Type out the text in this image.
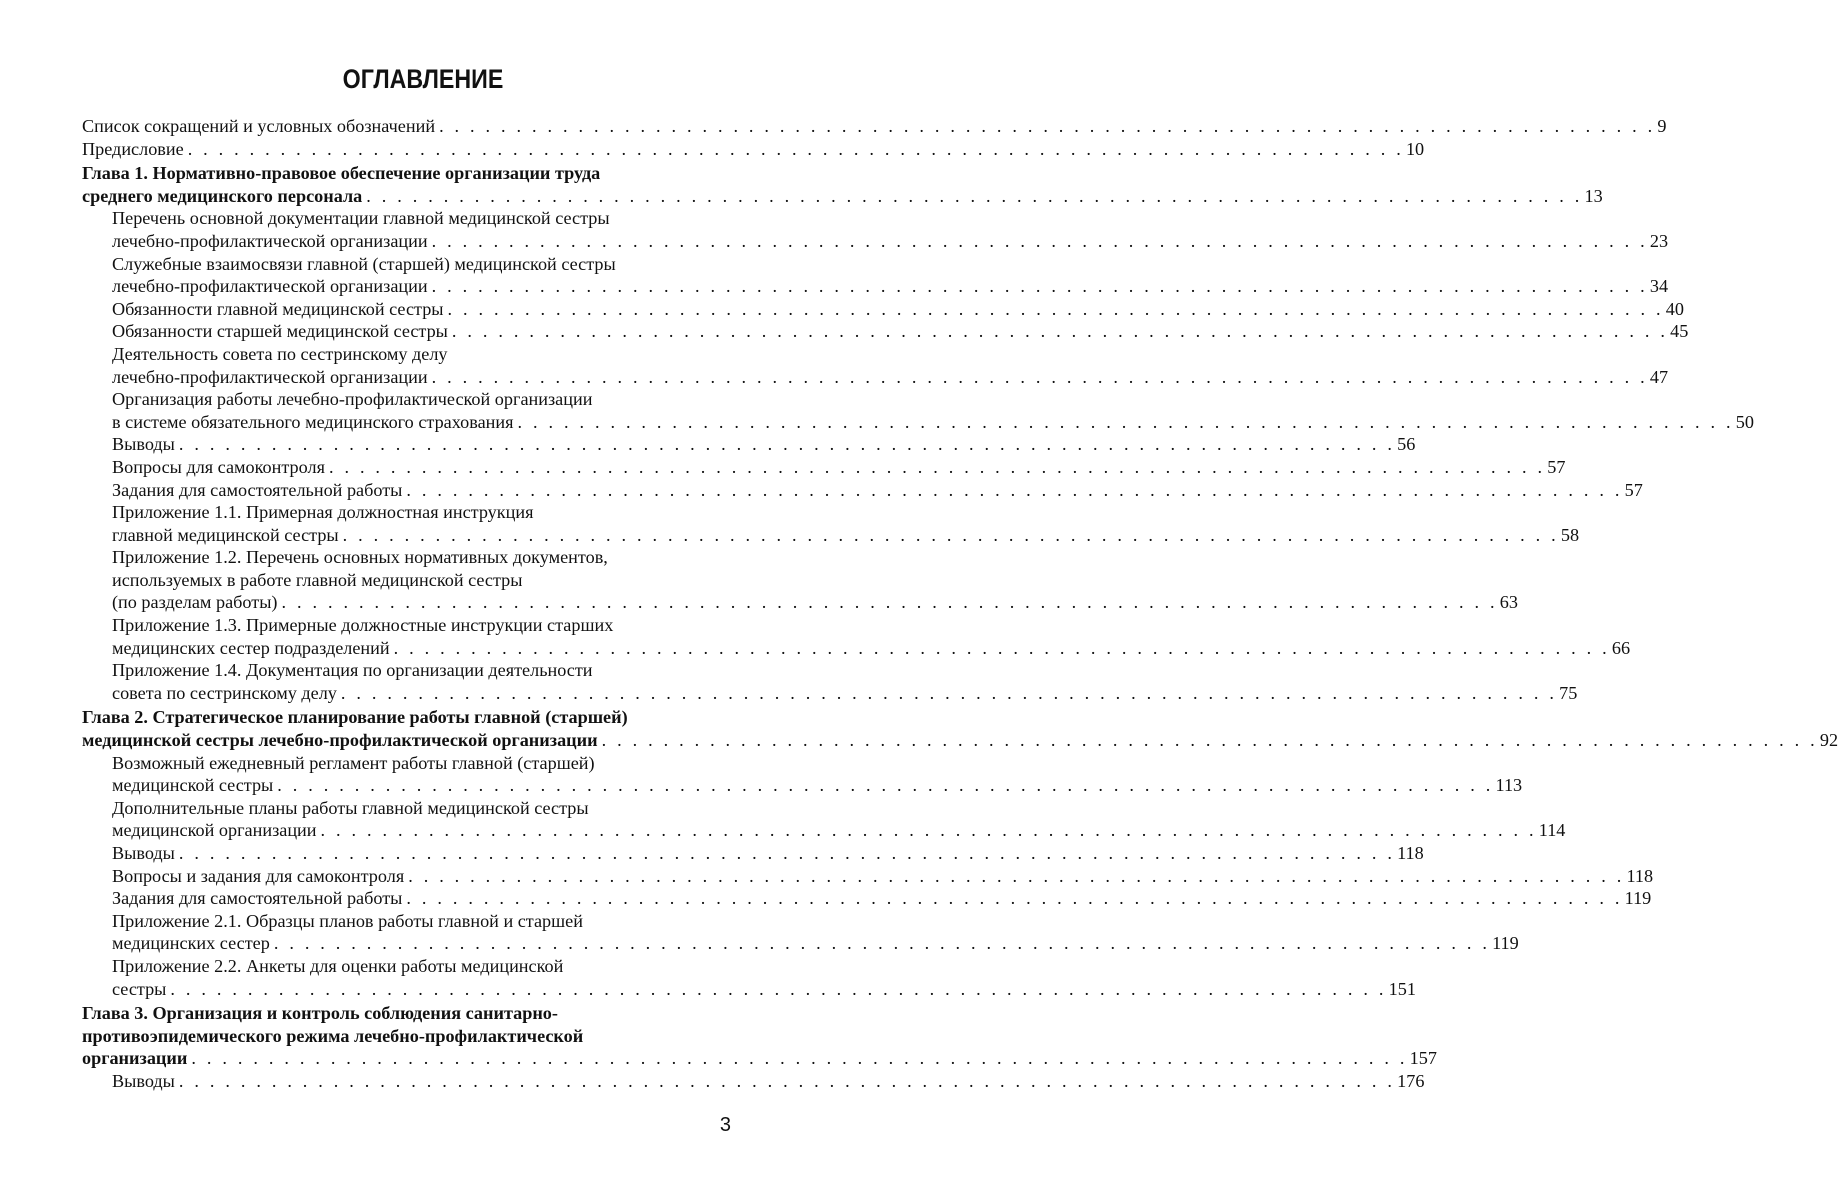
ОГЛАВЛЕНИЕ
Список сокращений и условных обозначений . . . . . . . . . . . . . . . . . . . . . . . . . . . . . . . . . . . . . . . . . . . . . . . . . . . . . . . . . . . . . . . . . . . . . . . . . . . . . . . 9
Предисловие . . . . . . . . . . . . . . . . . . . . . . . . . . . . . . . . . . . . . . . . . . . . . . . . . . . . . . . . . . . . . . . . . . . . . . . . . . . . . . . 10
Глава 1. Нормативно-правовое обеспечение организации труда
среднего медицинского персонала . . . . . . . . . . . . . . . . . . . . . . . . . . . . . . . . . . . . . . . . . . . . . . . . . . . . . . . . . . . . . . . . . . . . . . . . . . . . . . . 13
Перечень основной документации главной медицинской сестры
лечебно-профилактической организации . . . . . . . . . . . . . . . . . . . . . . . . . . . . . . . . . . . . . . . . . . . . . . . . . . . . . . . . . . . . . . . . . . . . . . . . . . . . . . . 23
Служебные взаимосвязи главной (старшей) медицинской сестры
лечебно-профилактической организации . . . . . . . . . . . . . . . . . . . . . . . . . . . . . . . . . . . . . . . . . . . . . . . . . . . . . . . . . . . . . . . . . . . . . . . . . . . . . . . 34
Обязанности главной медицинской сестры . . . . . . . . . . . . . . . . . . . . . . . . . . . . . . . . . . . . . . . . . . . . . . . . . . . . . . . . . . . . . . . . . . . . . . . . . . . . . . . 40
Обязанности старшей медицинской сестры . . . . . . . . . . . . . . . . . . . . . . . . . . . . . . . . . . . . . . . . . . . . . . . . . . . . . . . . . . . . . . . . . . . . . . . . . . . . . . . 45
Деятельность совета по сестринскому делу
лечебно-профилактической организации . . . . . . . . . . . . . . . . . . . . . . . . . . . . . . . . . . . . . . . . . . . . . . . . . . . . . . . . . . . . . . . . . . . . . . . . . . . . . . . 47
Организация работы лечебно-профилактической организации
в системе обязательного медицинского страхования . . . . . . . . . . . . . . . . . . . . . . . . . . . . . . . . . . . . . . . . . . . . . . . . . . . . . . . . . . . . . . . . . . . . . . . . . . . . . . . 50
Выводы . . . . . . . . . . . . . . . . . . . . . . . . . . . . . . . . . . . . . . . . . . . . . . . . . . . . . . . . . . . . . . . . . . . . . . . . . . . . . . . 56
Вопросы для самоконтроля . . . . . . . . . . . . . . . . . . . . . . . . . . . . . . . . . . . . . . . . . . . . . . . . . . . . . . . . . . . . . . . . . . . . . . . . . . . . . . . 57
Задания для самостоятельной работы . . . . . . . . . . . . . . . . . . . . . . . . . . . . . . . . . . . . . . . . . . . . . . . . . . . . . . . . . . . . . . . . . . . . . . . . . . . . . . . 57
Приложение 1.1. Примерная должностная инструкция
главной медицинской сестры . . . . . . . . . . . . . . . . . . . . . . . . . . . . . . . . . . . . . . . . . . . . . . . . . . . . . . . . . . . . . . . . . . . . . . . . . . . . . . . 58
Приложение 1.2. Перечень основных нормативных документов,
используемых в работе главной медицинской сестры
(по разделам работы) . . . . . . . . . . . . . . . . . . . . . . . . . . . . . . . . . . . . . . . . . . . . . . . . . . . . . . . . . . . . . . . . . . . . . . . . . . . . . . . 63
Приложение 1.3. Примерные должностные инструкции старших
медицинских сестер подразделений . . . . . . . . . . . . . . . . . . . . . . . . . . . . . . . . . . . . . . . . . . . . . . . . . . . . . . . . . . . . . . . . . . . . . . . . . . . . . . . 66
Приложение 1.4. Документация по организации деятельности
совета по сестринскому делу . . . . . . . . . . . . . . . . . . . . . . . . . . . . . . . . . . . . . . . . . . . . . . . . . . . . . . . . . . . . . . . . . . . . . . . . . . . . . . . 75
Глава 2. Стратегическое планирование работы главной (старшей)
медицинской сестры лечебно-профилактической организации . . . . . . . . . . . . . . . . . . . . . . . . . . . . . . . . . . . . . . . . . . . . . . . . . . . . . . . . . . . . . . . . . . . . . . . . . . . . . . . 92
Возможный ежедневный регламент работы главной (старшей)
медицинской сестры . . . . . . . . . . . . . . . . . . . . . . . . . . . . . . . . . . . . . . . . . . . . . . . . . . . . . . . . . . . . . . . . . . . . . . . . . . . . . . . 113
Дополнительные планы работы главной медицинской сестры
медицинской организации . . . . . . . . . . . . . . . . . . . . . . . . . . . . . . . . . . . . . . . . . . . . . . . . . . . . . . . . . . . . . . . . . . . . . . . . . . . . . . . 114
Выводы . . . . . . . . . . . . . . . . . . . . . . . . . . . . . . . . . . . . . . . . . . . . . . . . . . . . . . . . . . . . . . . . . . . . . . . . . . . . . . . 118
Вопросы и задания для самоконтроля . . . . . . . . . . . . . . . . . . . . . . . . . . . . . . . . . . . . . . . . . . . . . . . . . . . . . . . . . . . . . . . . . . . . . . . . . . . . . . . 118
Задания для самостоятельной работы . . . . . . . . . . . . . . . . . . . . . . . . . . . . . . . . . . . . . . . . . . . . . . . . . . . . . . . . . . . . . . . . . . . . . . . . . . . . . . . 119
Приложение 2.1. Образцы планов работы главной и старшей
медицинских сестер . . . . . . . . . . . . . . . . . . . . . . . . . . . . . . . . . . . . . . . . . . . . . . . . . . . . . . . . . . . . . . . . . . . . . . . . . . . . . . . 119
Приложение 2.2. Анкеты для оценки работы медицинской
сестры . . . . . . . . . . . . . . . . . . . . . . . . . . . . . . . . . . . . . . . . . . . . . . . . . . . . . . . . . . . . . . . . . . . . . . . . . . . . . . . 151
Глава 3. Организация и контроль соблюдения санитарно-
противоэпидемического режима лечебно-профилактической
организации . . . . . . . . . . . . . . . . . . . . . . . . . . . . . . . . . . . . . . . . . . . . . . . . . . . . . . . . . . . . . . . . . . . . . . . . . . . . . . . 157
Выводы . . . . . . . . . . . . . . . . . . . . . . . . . . . . . . . . . . . . . . . . . . . . . . . . . . . . . . . . . . . . . . . . . . . . . . . . . . . . . . . 176
3
